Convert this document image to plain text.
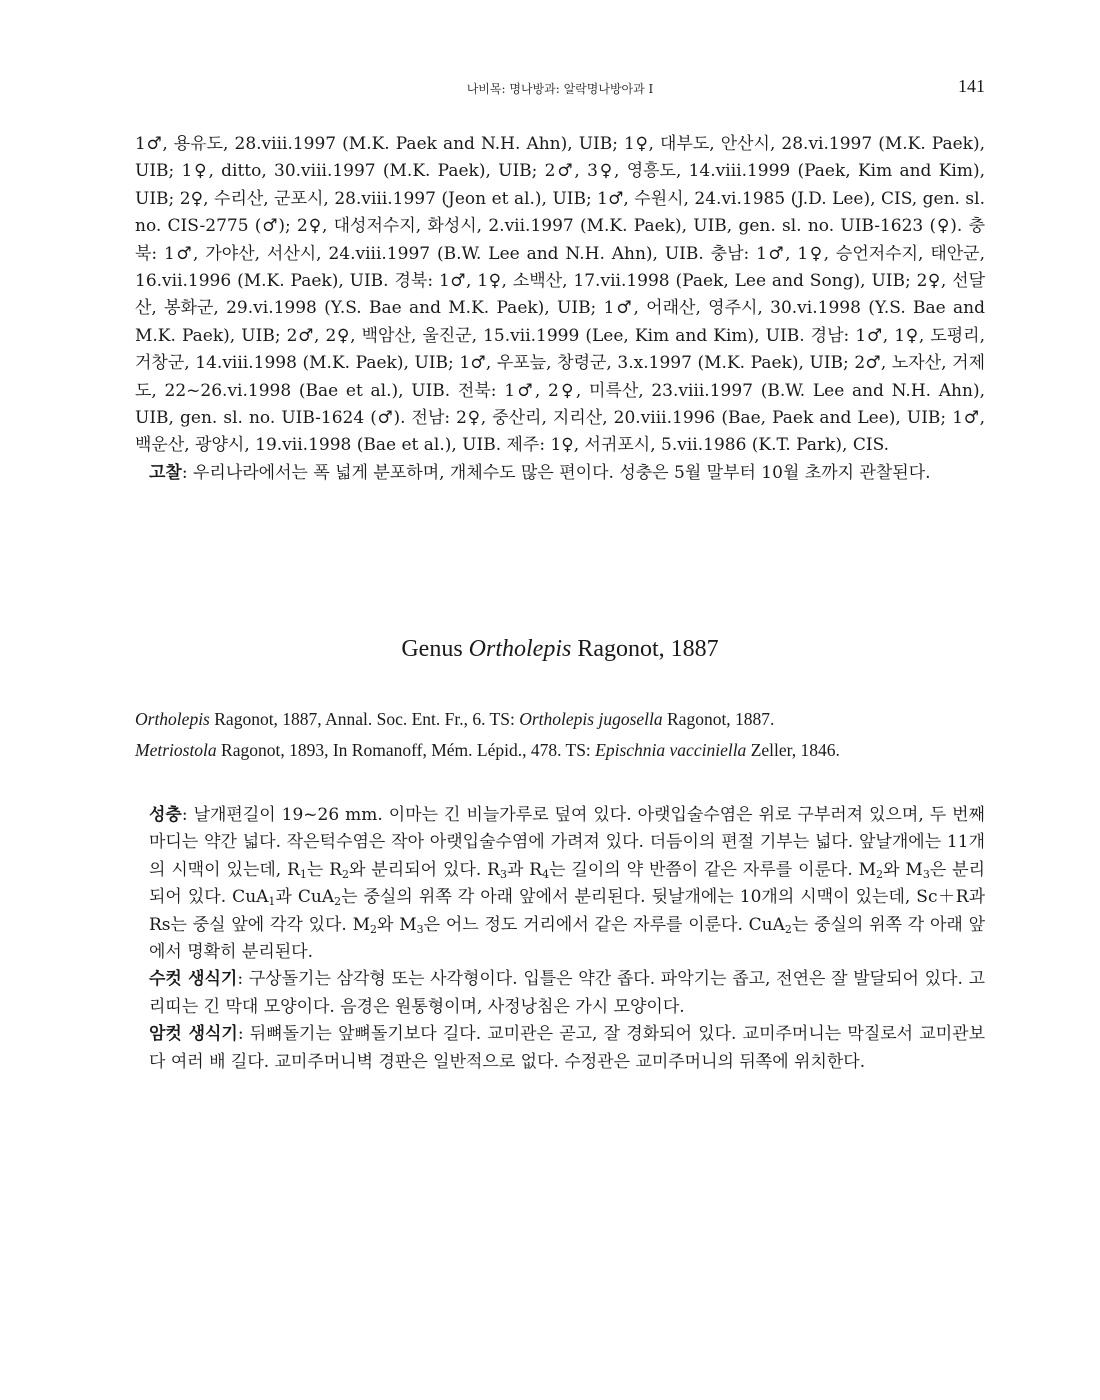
나비목: 명나방과: 알락명나방아과 I	141

1♂, 용유도, 28.viii.1997 (M.K. Paek and N.H. Ahn), UIB; 1♀, 대부도, 안산시, 28.vi.1997 (M.K. Paek), UIB; 1♀, ditto, 30.viii.1997 (M.K. Paek), UIB; 2♂, 3♀, 영흥도, 14.viii.1999 (Paek, Kim and Kim), UIB; 2♀, 수리산, 군포시, 28.viii.1997 (Jeon et al.), UIB; 1♂, 수원시, 24.vi.1985 (J.D. Lee), CIS, gen. sl. no. CIS-2775 (♂); 2♀, 대성저수지, 화성시, 2.vii.1997 (M.K. Paek), UIB, gen. sl. no. UIB-1623 (♀). 충북: 1♂, 가야산, 서산시, 24.viii.1997 (B.W. Lee and N.H. Ahn), UIB. 충남: 1♂, 1♀, 승언저수지, 태안군, 16.vii.1996 (M.K. Paek), UIB. 경북: 1♂, 1♀, 소백산, 17.vii.1998 (Paek, Lee and Song), UIB; 2♀, 선달산, 봉화군, 29.vi.1998 (Y.S. Bae and M.K. Paek), UIB; 1♂, 어래산, 영주시, 30.vi.1998 (Y.S. Bae and M.K. Paek), UIB; 2♂, 2♀, 백암산, 울진군, 15.vii.1999 (Lee, Kim and Kim), UIB. 경남: 1♂, 1♀, 도평리, 거창군, 14.viii.1998 (M.K. Paek), UIB; 1♂, 우포늪, 창령군, 3.x.1997 (M.K. Paek), UIB; 2♂, 노자산, 거제도, 22~26.vi.1998 (Bae et al.), UIB. 전북: 1♂, 2♀, 미륵산, 23.viii.1997 (B.W. Lee and N.H. Ahn), UIB, gen. sl. no. UIB-1624 (♂). 전남: 2♀, 중산리, 지리산, 20.viii.1996 (Bae, Paek and Lee), UIB; 1♂, 백운산, 광양시, 19.vii.1998 (Bae et al.), UIB. 제주: 1♀, 서귀포시, 5.vii.1986 (K.T. Park), CIS.

고찰: 우리나라에서는 폭 넓게 분포하며, 개체수도 많은 편이다. 성충은 5월 말부터 10월 초까지 관찰된다.

Genus Ortholepis Ragonot, 1887
Ortholepis Ragonot, 1887, Annal. Soc. Ent. Fr., 6. TS: Ortholepis jugosella Ragonot, 1887.
Metriostola Ragonot, 1893, In Romanoff, Mém. Lépid., 478. TS: Epischnia vacciniella Zeller, 1846.

성충: 날개편길이 19~26 mm. 이마는 긴 비늘가루로 덮여 있다. 아랫입술수염은 위로 구부러져 있으며, 두 번째 마디는 약간 넓다. 작은턱수염은 작아 아랫입술수염에 가려져 있다. 더듬이의 편절 기부는 넓다. 앞날개에는 11개의 시맥이 있는데, $R_1$는 $R_2$와 분리되어 있다. $R_3$과 $R_4$는 길이의 약 반쯤이 같은 자루를 이룬다. $M_2$와 $M_3$은 분리되어 있다. CuA$_1$과 CuA$_2$는 중실의 위쪽 각 아래 앞에서 분리된다. 뒷날개에는 10개의 시맥이 있는데, Sc＋R과 Rs는 중실 앞에 각각 있다. $M_2$와 $M_3$은 어느 정도 거리에서 같은 자루를 이룬다. CuA$_2$는 중실의 위쪽 각 아래 앞에서 명확히 분리된다.

수컷 생식기: 구상돌기는 삼각형 또는 사각형이다. 입틀은 약간 좁다. 파악기는 좁고, 전연은 잘 발달되어 있다. 고리띠는 긴 막대 모양이다. 음경은 원통형이며, 사정낭침은 가시 모양이다.

암컷 생식기: 뒤뼈돌기는 앞뼈돌기보다 길다. 교미관은 곧고, 잘 경화되어 있다. 교미주머니는 막질로서 교미관보다 여러 배 길다. 교미주머니벽 경판은 일반적으로 없다. 수정관은 교미주머니의 뒤쪽에 위치한다.
